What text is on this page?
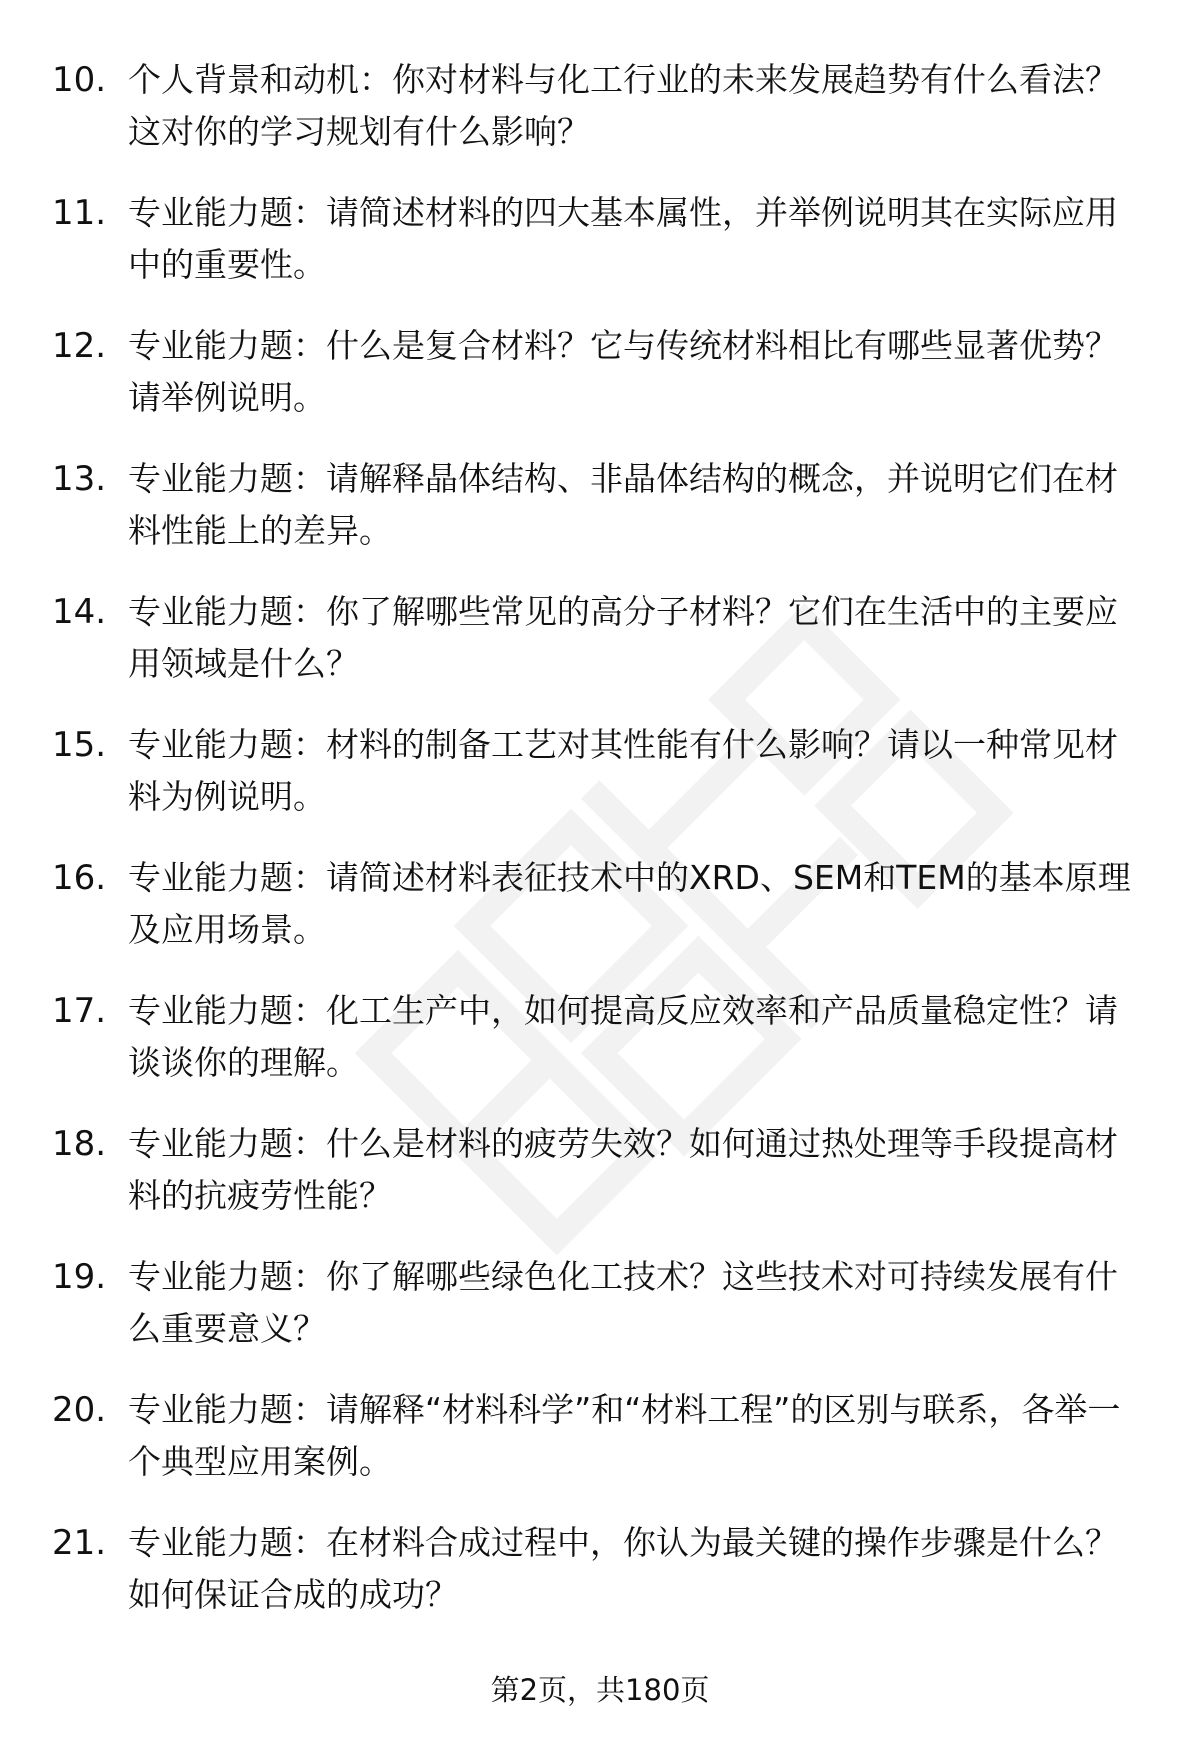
10. 个人背景和动机：你对材料与化工行业的未来发展趋势有什么看法？这对你的学习规划有什么影响？
11. 专业能力题：请简述材料的四大基本属性，并举例说明其在实际应用中的重要性。
12. 专业能力题：什么是复合材料？它与传统材料相比有哪些显著优势？请举例说明。
13. 专业能力题：请解释晶体结构、非晶体结构的概念，并说明它们在材料性能上的差异。
14. 专业能力题：你了解哪些常见的高分子材料？它们在生活中的主要应用领域是什么？
15. 专业能力题：材料的制备工艺对其性能有什么影响？请以一种常见材料为例说明。
16. 专业能力题：请简述材料表征技术中的XRD、SEM和TEM的基本原理及应用场景。
17. 专业能力题：化工生产中，如何提高反应效率和产品质量稳定性？请谈谈你的理解。
18. 专业能力题：什么是材料的疲劳失效？如何通过热处理等手段提高材料的抗疲劳性能？
19. 专业能力题：你了解哪些绿色化工技术？这些技术对可持续发展有什么重要意义？
20. 专业能力题：请解释“材料科学”和“材料工程”的区别与联系，各举一个典型应用案例。
21. 专业能力题：在材料合成过程中，你认为最关键的操作步骤是什么？如何保证合成的成功？
第2页，共180页
